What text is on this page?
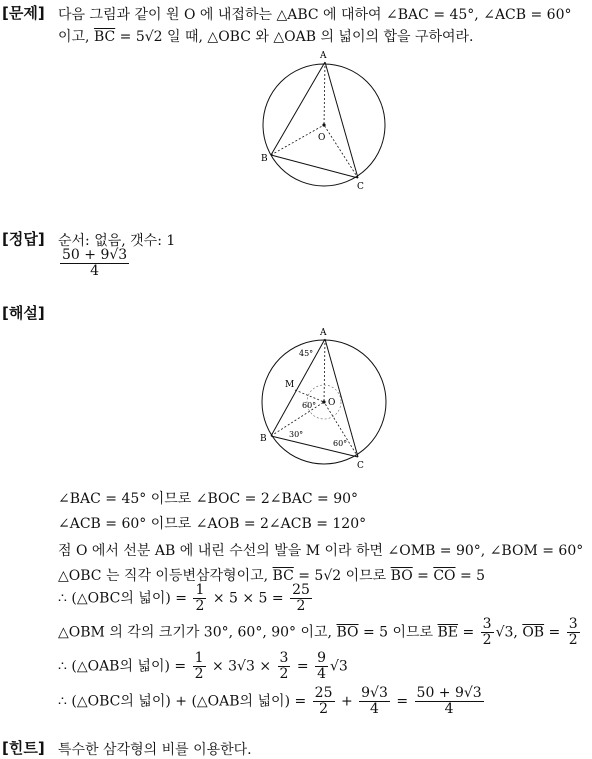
[문제] 다음 그림과 같이 원 O 에 내접하는 △ABC 에 대하여 ∠BAC = 45°, ∠ACB = 60°
이고, $\overline{BC} = 5√2$ 일 때, △OBC 와 △OAB 의 넓이의 합을 구하여라.
A
B
C
O
[정답] 순서: 없음, 갯수: 1
$\frac{50 + 9√3}{4}$
[해설]
A
B
C
O
M
45°
60°
30°
60°
∠BAC = 45° 이므로 ∠BOC = 2∠BAC = 90°
∠ACB = 60° 이므로 ∠AOB = 2∠ACB = 120°
점 O 에서 선분 AB 에 내린 수선의 발을 M 이라 하면 ∠OMB = 90°, ∠BOM = 60°
△OBC 는 직각 이등변삼각형이고, $\overline{BC} = 5√2$ 이므로 $\overline{BO} = \overline{CO} = 5$
∴ (△OBC의 넓이) = $\frac{1}{2} \times 5 \times 5 = \frac{25}{2}$
△OBM 의 각의 크기가 30°, 60°, 90° 이고, $\overline{BO} = 5$ 이므로 $\overline{BE} = \frac{3}{2} √3$, $\overline{OB} = \frac{3}{2}$
∴ (△OAB의 넓이) = $\frac{1}{2} \times 3√3 \times \frac{3}{2} = \frac{9}{4} √3$
∴ (△OBC의 넓이) + (△OAB의 넓이) = $\frac{25}{2} + \frac{9√3}{4} = \frac{50 + 9√3}{4}$
[힌트] 특수한 삼각형의 비를 이용한다.
